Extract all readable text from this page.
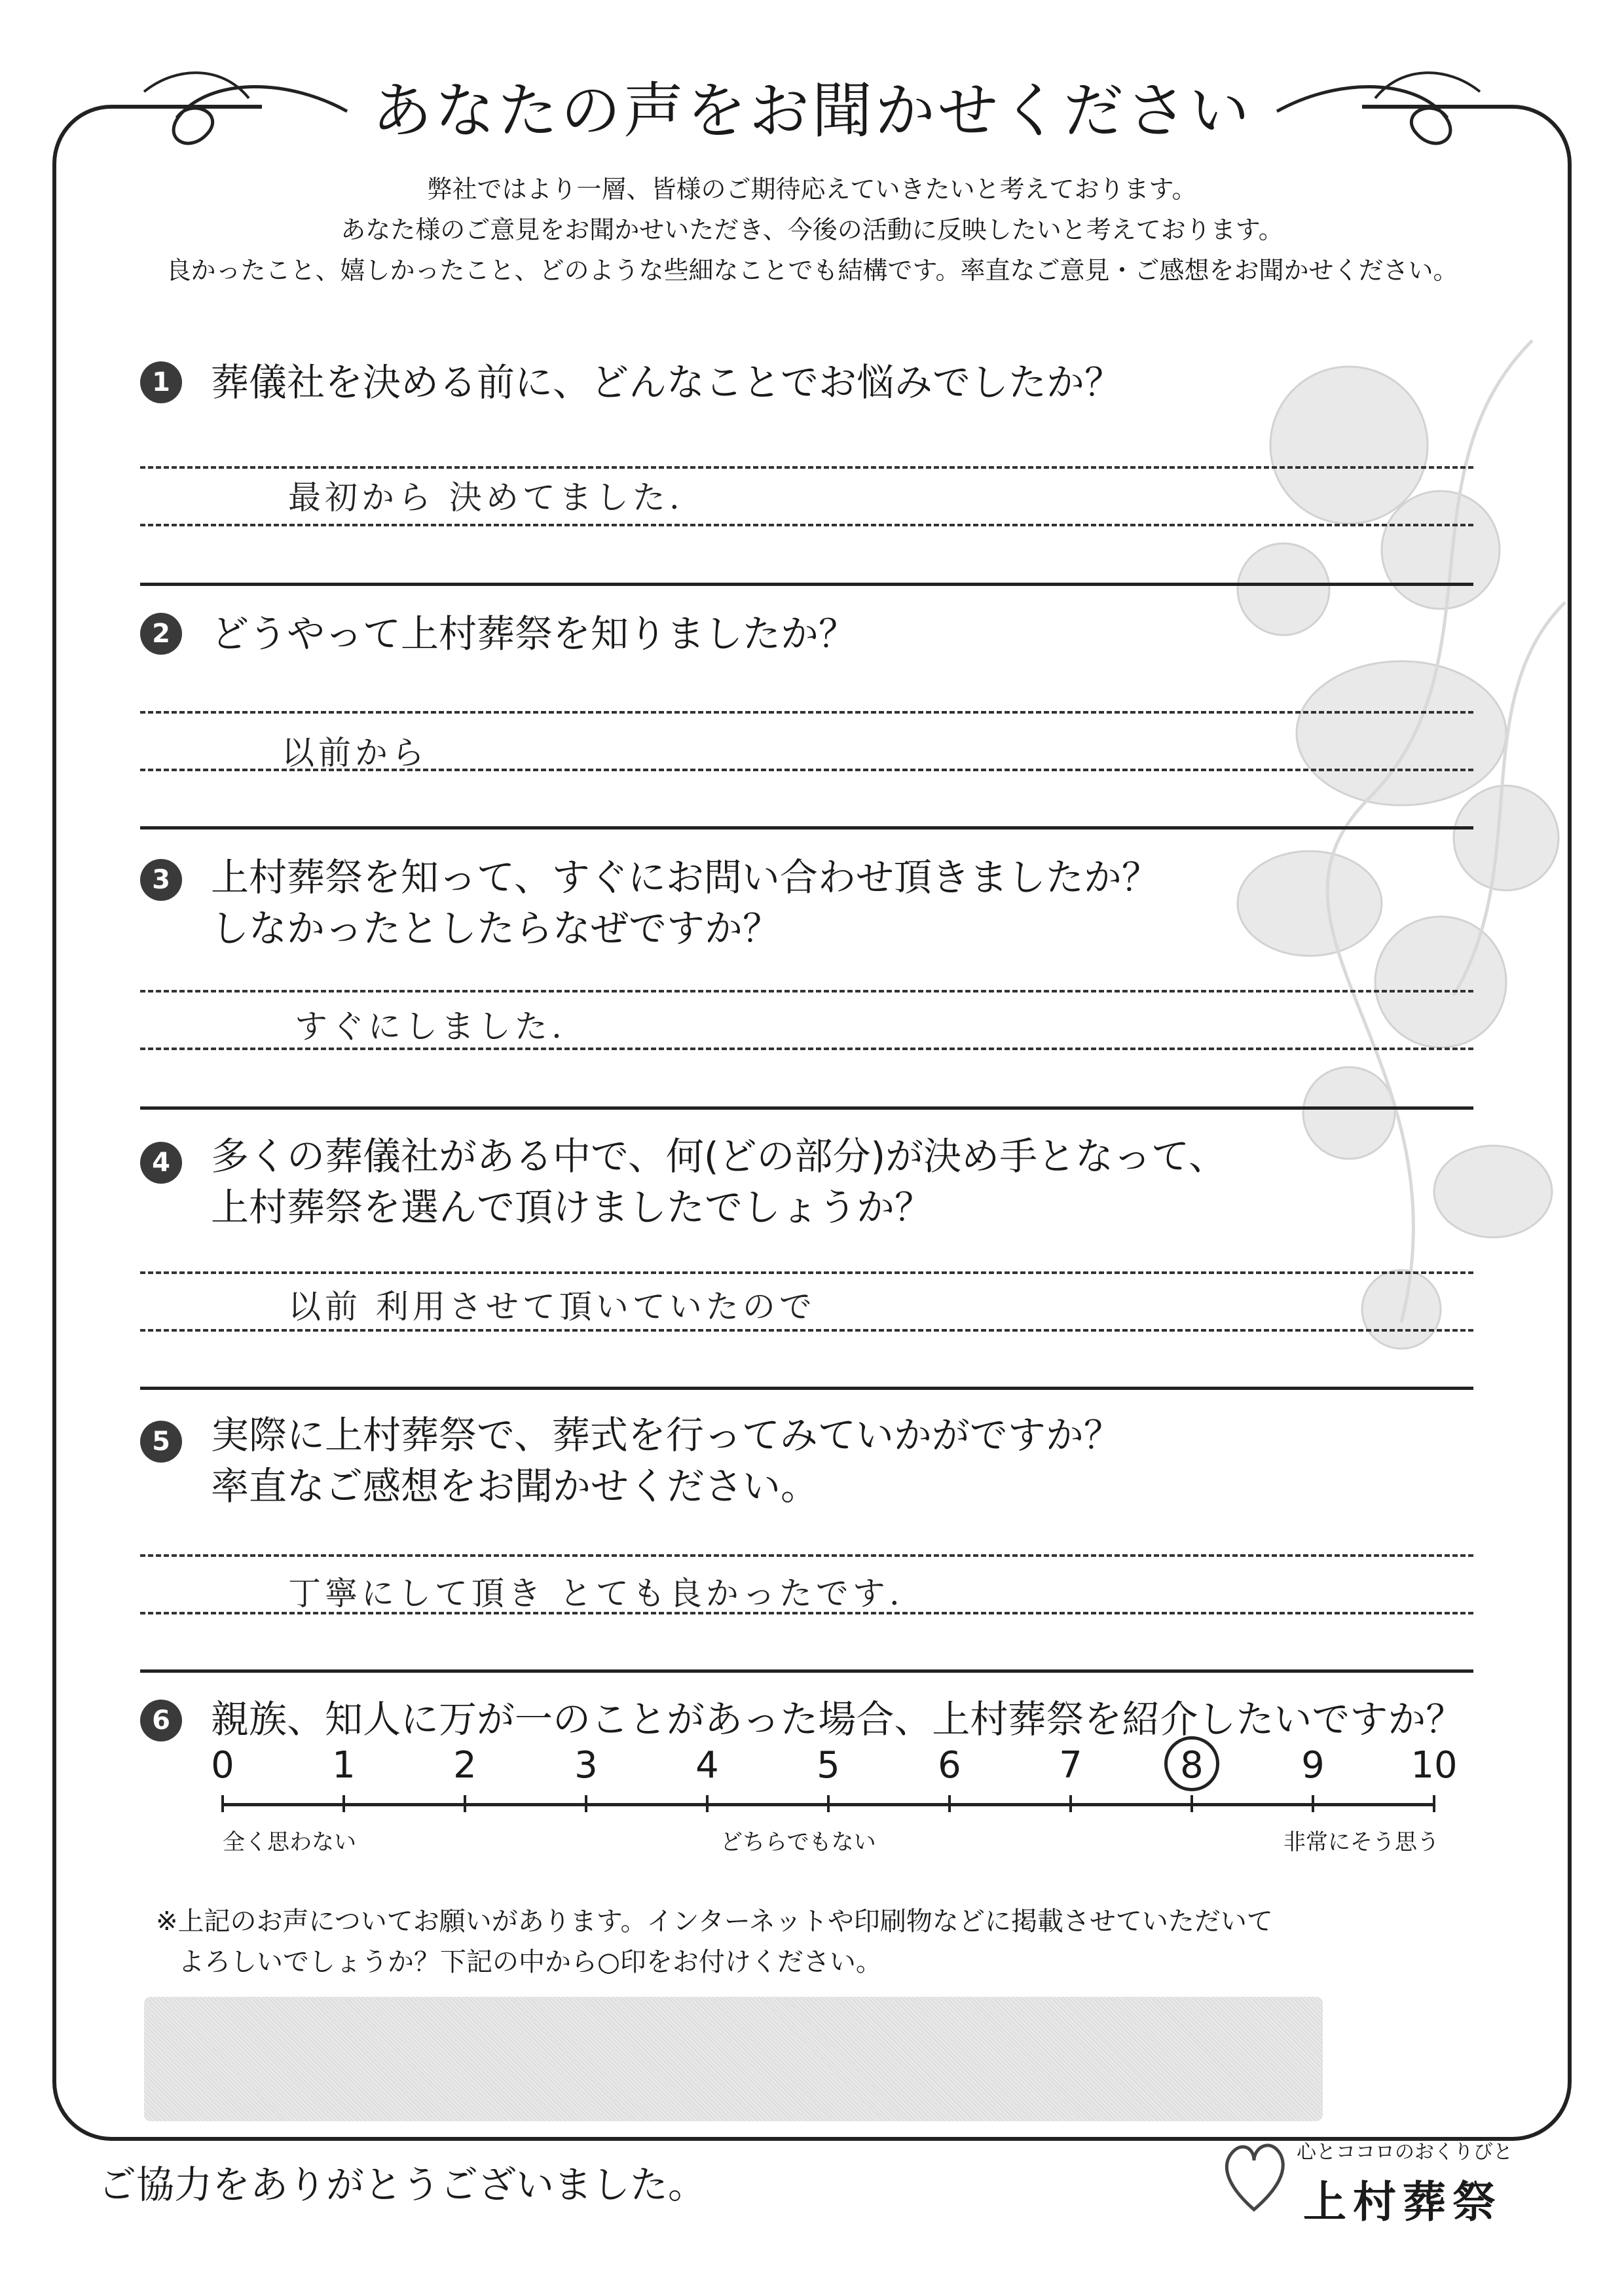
あなたの声をお聞かせください
弊社ではより一層、皆様のご期待応えていきたいと考えております。
あなた様のご意見をお聞かせいただき、今後の活動に反映したいと考えております。
良かったこと、嬉しかったこと、どのような些細なことでも結構です。率直なご意見・ご感想をお聞かせください。
1	葬儀社を決める前に、どんなことでお悩みでしたか？
最初から 決めてました.
2	どうやって上村葬祭を知りましたか？
以前から
3	上村葬祭を知って、すぐにお問い合わせ頂きましたか？
しなかったとしたらなぜですか？
すぐにしました.
4	多くの葬儀社がある中で、何(どの部分)が決め手となって、
上村葬祭を選んで頂けましたでしょうか？
以前 利用させて頂いていたので
5	実際に上村葬祭で、葬式を行ってみていかがですか？
率直なご感想をお聞かせください。
丁寧にして頂き とても良かったです.
6	親族、知人に万が一のことがあった場合、上村葬祭を紹介したいですか？
0	1	2	3	4	5	6	7	8	9	10
全く思わない	どちらでもない	非常にそう思う
※上記のお声についてお願いがあります。インターネットや印刷物などに掲載させていただいて
よろしいでしょうか？下記の中から○印をお付けください。
ご協力をありがとうございました。
心とココロのおくりびと
上村葬祭
